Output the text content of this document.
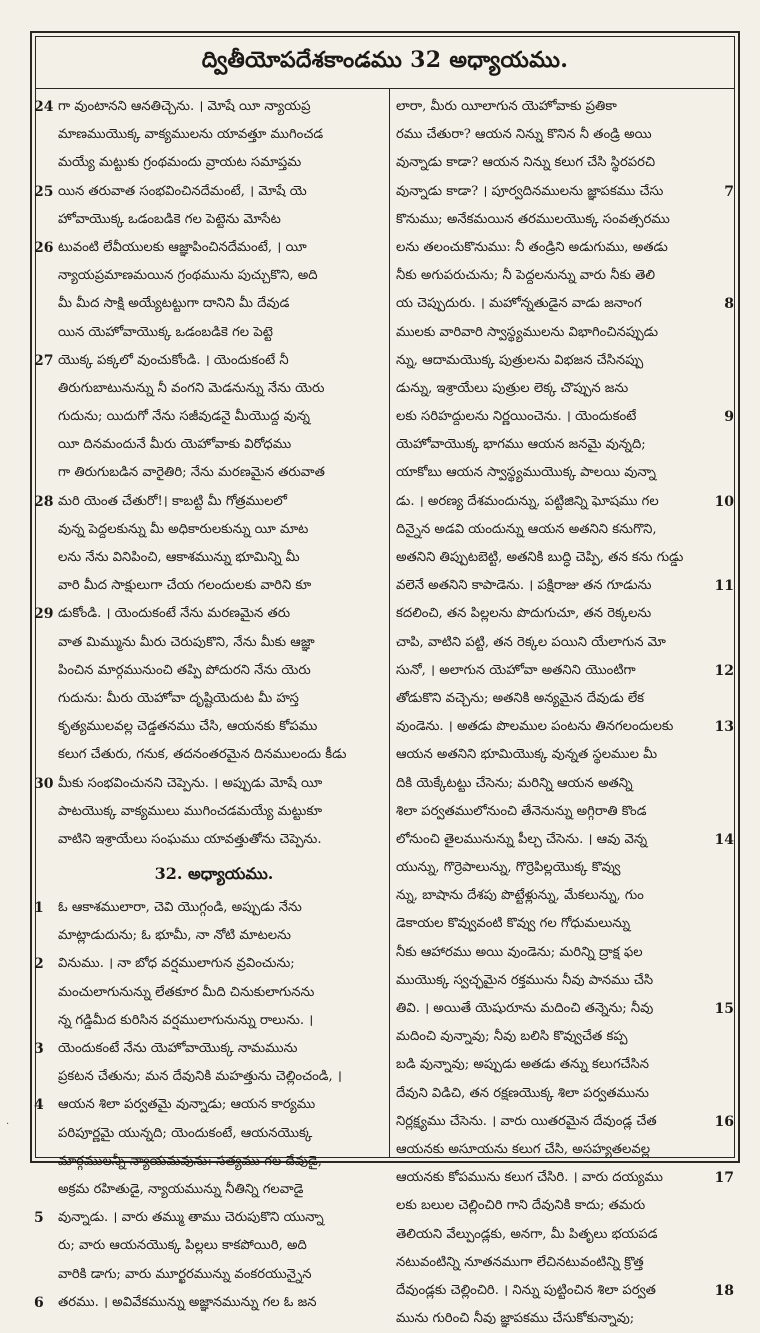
ద్వితీయోపదేశకాండము 32 అధ్యాయము.
24 గా వుంటానని ఆనతిచ్చెను. । మోషే యీ న్యాయప్ర
మాణముయొక్క వాక్యములను యావత్తూ ముగించడ
మయ్యే మట్టుకు గ్రంథమందు వ్రాయట సమాప్తమ
25 యిన తరువాత సంభవించినదేమంటే, । మోషే యె
హోవాయొక్క ఒడంబడికె గల పెట్టెను మోసేట
26 టువంటి లేవీయులకు ఆజ్ఞాపించినదేమంటే, । యీ
న్యాయప్రమాణమయిన గ్రంథమును పుచ్చుకొని, అది
మీ మీద సాక్షి అయ్యేటట్టుగా దానిని మీ దేవుడ
యిన యెహోవాయొక్క ఒడంబడికె గల పెట్టె
27 యొక్క పక్కలో వుంచుకోండి. । యెందుకంటే నీ
తిరుగుబాటునున్ను నీ వంగని మెడనున్ను నేను యెరు
గుదును; యిదుగో నేను సజీవుడనై మీయొద్ద వున్న
యీ దినమందునే మీరు యెహోవాకు విరోధము
గా తిరుగుబడిన వారైతిరి; నేను మరణమైన తరువాత
28 మరి యెంత చేతురో!। కాబట్టి మీ గోత్రములలో
వున్న పెద్దలకున్ను మీ అధికారులకున్ను యీ మాట
లను నేను వినిపించి, ఆకాశమున్ను భూమిన్ని మీ
వారి మీద సాక్షులుగా చేయ గలందులకు వారిని కూ
29 డుకోండి. । యెందుకంటే నేను మరణమైన తరు
వాత మిమ్మును మీరు చెరుపుకొని, నేను మీకు ఆజ్ఞా
పించిన మార్గమునుంచి తప్పి పోదురని నేను యెరు
గుదును: మీరు యెహోవా దృష్టియెదుట మీ హస్త
కృత్యములవల్ల చెడ్డతనము చేసి, ఆయనకు కోపము
కలుగ చేతురు, గనుక, తదనంతరమైన దినములందు కీడు
30 మీకు సంభవించునని చెప్పెను. । అప్పుడు మోషే యీ
పాటయొక్క వాక్యములు ముగించడమయ్యే మట్టుకూ
వాటిని ఇశ్రాయేలు సంఘము యావత్తుతోను చెప్పెను.
32. అధ్యాయము.
1	ఓ ఆకాశములారా, చెవి యొగ్గండి, అప్పుడు నేను
మాట్లాడుదును; ఓ భూమీ, నా నోటి మాటలను
2	వినుము. । నా బోధ వర్షములాగున వ్రవించును;
మంచులాగునున్ను లేతకూర మీది చినుకులాగునను
న్న గడ్డిమీద కురిసిన వర్షములాగునున్ను రాలును. ।
3	యెందుకంటే నేను యెహోవాయొక్క నామమును
ప్రకటన చేతును; మన దేవునికి మహత్తును చెల్లించండి, ।
4	ఆయన శిలా పర్వతమై వున్నాడు; ఆయన కార్యము
పరిపూర్ణమై యున్నది; యెందుకంటే, ఆయనయొక్క
మార్గములన్నీ న్యాయమవును: సత్యము గల దేవుడై,
అక్రమ రహితుడై, న్యాయమున్ను నీతిన్ని గలవాడై
5	వున్నాడు. । వారు తమ్ము తాము చెరుపుకొని యున్నా
రు; వారు ఆయనయొక్క పిల్లలు కాకపోయిరి, అది
వారికి డాగు; వారు మూర్ఖరమున్ను వంకరయున్నైన
6	తరము. । అవివేకమున్ను అజ్ఞానమున్ను గల ఓ జన
లారా, మీరు యీలాగున యెహోవాకు ప్రతికా
రము చేతురా? ఆయన నిన్ను కొనిన నీ తండ్రి అయి
వున్నాడు కాడా? ఆయన నిన్ను కలుగ చేసి స్థిరపరచి
7
వున్నాడు కాడా? । పూర్వదినములను జ్ఞాపకము చేసు
కొనుము; అనేకమయిన తరములయొక్క సంవత్సరము
లను తలంచుకొనుము: నీ తండ్రిని అడుగుము, అతడు
నీకు అగుపరుచును; నీ పెద్దలనున్ను వారు నీకు తెలి
8
య చెప్పుదురు. । మహోన్నతుడైన వాడు జనాంగ
ములకు వారివారి స్వాస్థ్యములను విభాగించినప్పుడు
న్ను, ఆదామయొక్క పుత్రులను విభజన చేసినప్పు
డున్ను, ఇశ్రాయేలు పుత్రుల లెక్క చొప్పున జను
9
లకు సరిహద్దులను నిర్ణయించెను. । యెందుకంటే
యెహోవాయొక్క భాగము ఆయన జనమై వున్నది;
యాకోబు ఆయన స్వాస్థ్యముయొక్క పాలయి వున్నా
10
డు. । అరణ్య దేశమందున్ను, పట్టిజిన్ని ఘోషము గల
దిన్నైన అడవి యందున్ను ఆయన అతనిని కనుగొని,
అతనిని తిప్పుటబెట్టి, అతనికి బుద్ధి చెప్పి, తన కను గుడ్డు
11
వలెనే అతనిని కాపాడెను. । పక్షిరాజు తన గూడును
కదలించి, తన పిల్లలను పొదుగుచూ, తన రెక్కలను
చాపి, వాటిని పట్టి, తన రెక్కల పయిని యేలాగున మో
12
సునో, । అలాగున యెహోవా అతనిని యొంటిగా
తోడుకొని వచ్చెను; అతనికి అన్యమైన దేవుడు లేక
13
వుండెను. । అతడు పొలముల పంటను తినగలందులకు
ఆయన అతనిని భూమియొక్క వున్నత స్థలముల మీ
దికి యెక్కేటట్టు చేసెను; మరిన్ని ఆయన అతన్ని
శిలా పర్వతములోనుంచి తేనెనున్ను అగ్గిరాతి కొండ
14
లోనుంచి తైలమునున్ను పీల్చ చేసెను. । ఆవు వెన్న
యున్ను, గొర్రెపాలున్ను, గొర్రెపిల్లయొక్క కొవ్వు
న్ను, బాషాను దేశపు పొట్టేళ్లున్ను, మేకలున్ను, గుం
డెకాయల కొవ్వువంటి కొవ్వు గల గోధుమలున్ను
నీకు ఆహారము అయి వుండెను; మరిన్ని ద్రాక్ష ఫల
ముయొక్క స్వచ్ఛమైన రక్తమును నీవు పానము చేసి
15
తివి. । అయితే యెషురూను మదించి తన్నెను; నీవు
మదించి వున్నావు; నీవు బలిసి కొవ్వుచేత కప్ప
బడి వున్నావు; అప్పుడు అతడు తన్ను కలుగచేసిన
దేవుని విడిచి, తన రక్షణయొక్క శిలా పర్వతమును
16
నిర్లక్ష్యము చేసెను. । వారు యితరమైన దేవుండ్ల చేత
ఆయనకు అసూయను కలుగ చేసి, అసహ్యతలవల్ల
17
ఆయనకు కోపమును కలుగ చేసిరి. । వారు దయ్యము
లకు బలుల చెల్లించిరి గాని దేవునికి కాదు; తమరు
తెలియని వేల్పుండ్లకు, అనగా, మీ పితృలు భయపడ
నటువంటిన్ని నూతనముగా లేచినటువంటిన్ని క్రొత్త
18
దేవుండ్లకు చెల్లించిరి. । నిన్ను పుట్టించిన శిలా పర్వత
మును గురించి నీవు జ్ఞాపకము చేసుకోకున్నావు;
·
